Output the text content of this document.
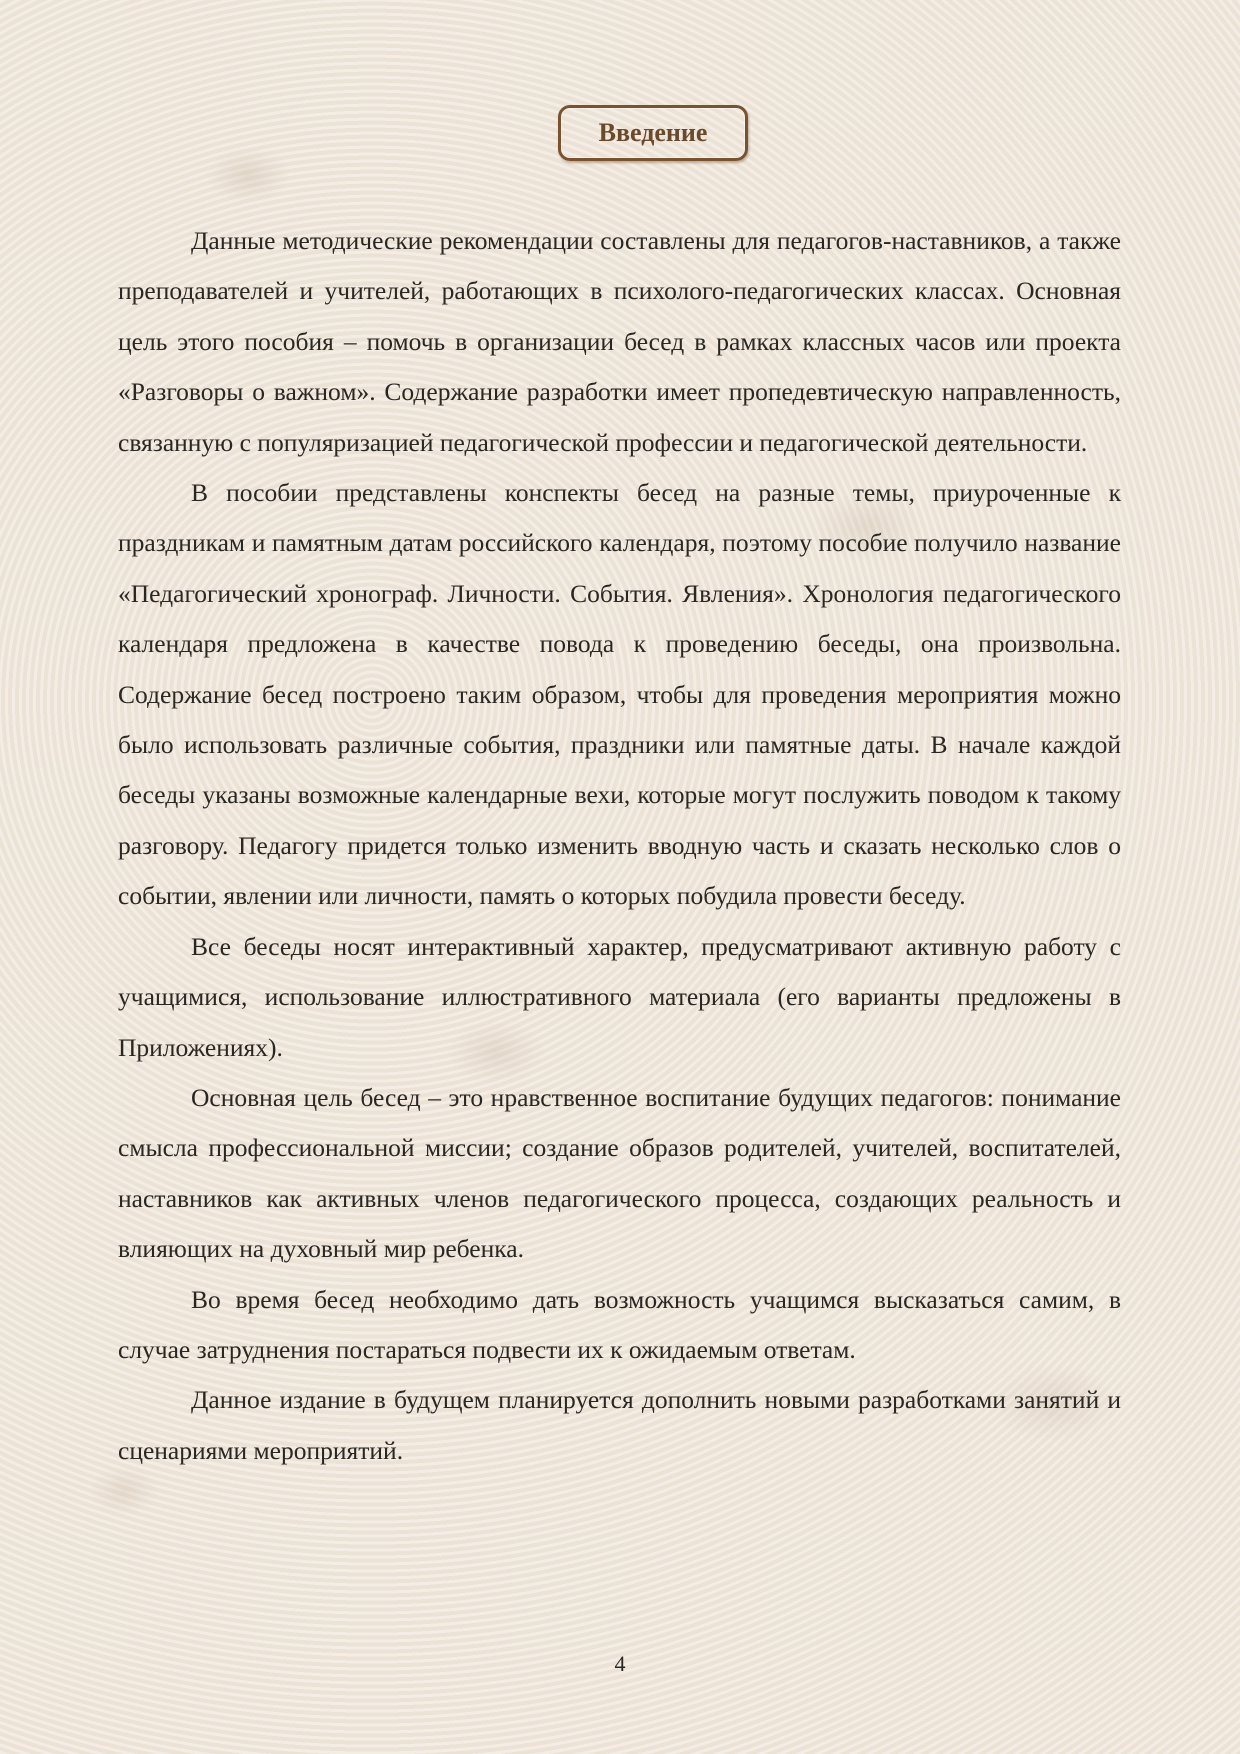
Введение

Данные методические рекомендации составлены для педагогов-наставников, а также преподавателей и учителей, работающих в психолого-педагогических классах. Основная цель этого пособия – помочь в организации бесед в рамках классных часов или проекта «Разговоры о важном». Содержание разработки имеет пропедевтическую направленность, связанную с популяризацией педагогической профессии и педагогической деятельности.

В пособии представлены конспекты бесед на разные темы, приуроченные к праздникам и памятным датам российского календаря, поэтому пособие получило название «Педагогический хронограф. Личности. События. Явления». Хронология педагогического календаря предложена в качестве повода к проведению беседы, она произвольна. Содержание бесед построено таким образом, чтобы для проведения мероприятия можно было использовать различные события, праздники или памятные даты. В начале каждой беседы указаны возможные календарные вехи, которые могут послужить поводом к такому разговору. Педагогу придется только изменить вводную часть и сказать несколько слов о событии, явлении или личности, память о которых побудила провести беседу.

Все беседы носят интерактивный характер, предусматривают активную работу с учащимися, использование иллюстративного материала (его варианты предложены в Приложениях).

Основная цель бесед – это нравственное воспитание будущих педагогов: понимание смысла профессиональной миссии; создание образов родителей, учителей, воспитателей, наставников как активных членов педагогического процесса, создающих реальность и влияющих на духовный мир ребенка.

Во время бесед необходимо дать возможность учащимся высказаться самим, в случае затруднения постараться подвести их к ожидаемым ответам.

Данное издание в будущем планируется дополнить новыми разработками занятий и сценариями мероприятий.

4
